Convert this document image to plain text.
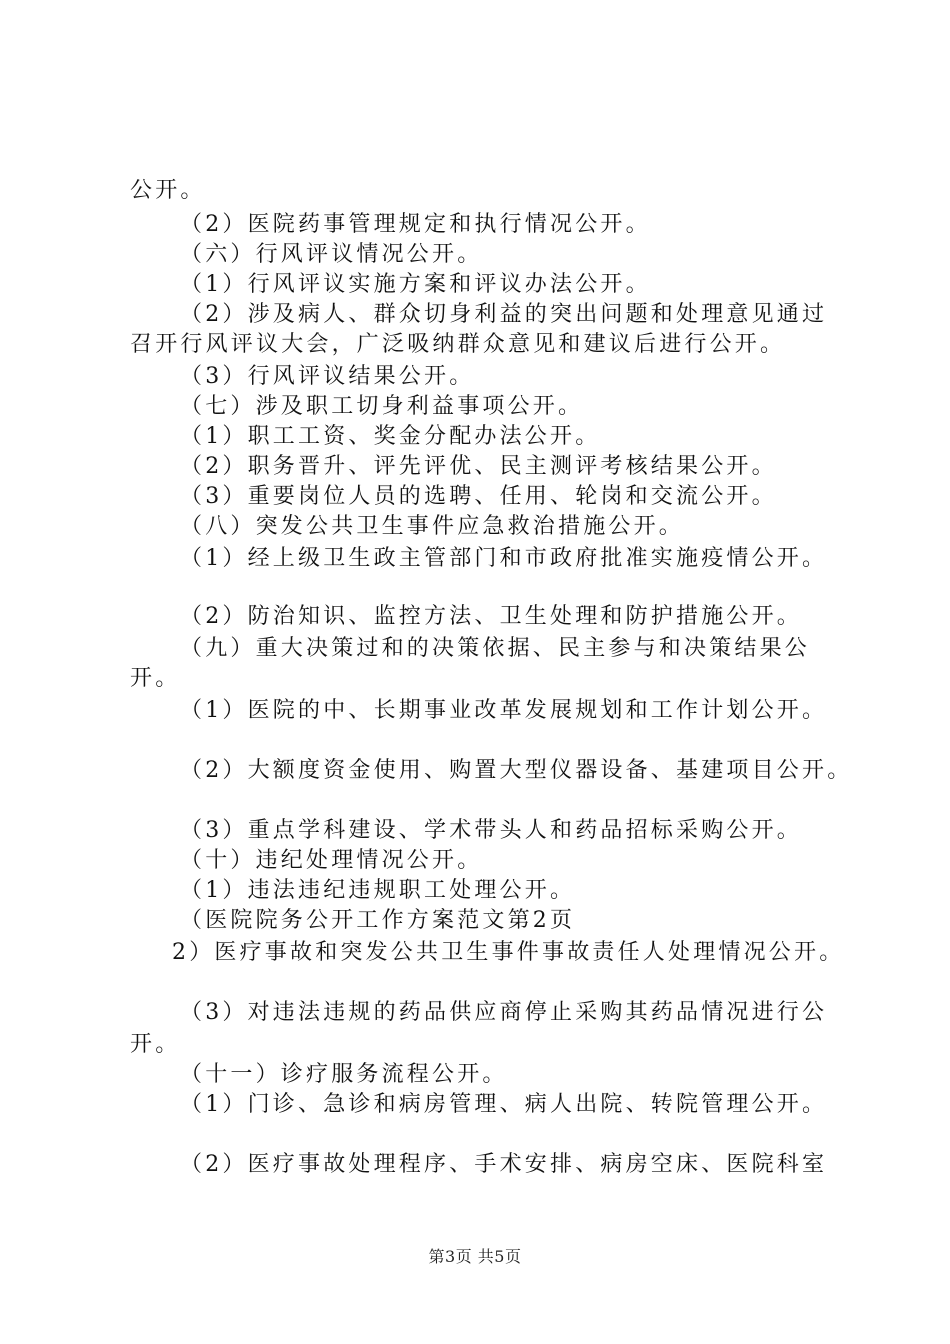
公开。
（2）医院药事管理规定和执行情况公开。
（六）行风评议情况公开。
（1）行风评议实施方案和评议办法公开。
（2）涉及病人、群众切身利益的突出问题和处理意见通过
召开行风评议大会，广泛吸纳群众意见和建议后进行公开。
（3）行风评议结果公开。
（七）涉及职工切身利益事项公开。
（1）职工工资、奖金分配办法公开。
（2）职务晋升、评先评优、民主测评考核结果公开。
（3）重要岗位人员的选聘、任用、轮岗和交流公开。
（八）突发公共卫生事件应急救治措施公开。
（1）经上级卫生政主管部门和市政府批准实施疫情公开。
（2）防治知识、监控方法、卫生处理和防护措施公开。
（九）重大决策过和的决策依据、民主参与和决策结果公
开。
（1）医院的中、长期事业改革发展规划和工作计划公开。
（2）大额度资金使用、购置大型仪器设备、基建项目公开。
（3）重点学科建设、学术带头人和药品招标采购公开。
（十）违纪处理情况公开。
（1）违法违纪违规职工处理公开。
（医院院务公开工作方案范文第2页
2）医疗事故和突发公共卫生事件事故责任人处理情况公开。
（3）对违法违规的药品供应商停止采购其药品情况进行公
开。
（十一）诊疗服务流程公开。
（1）门诊、急诊和病房管理、病人出院、转院管理公开。
（2）医疗事故处理程序、手术安排、病房空床、医院科室
第3页 共5页
